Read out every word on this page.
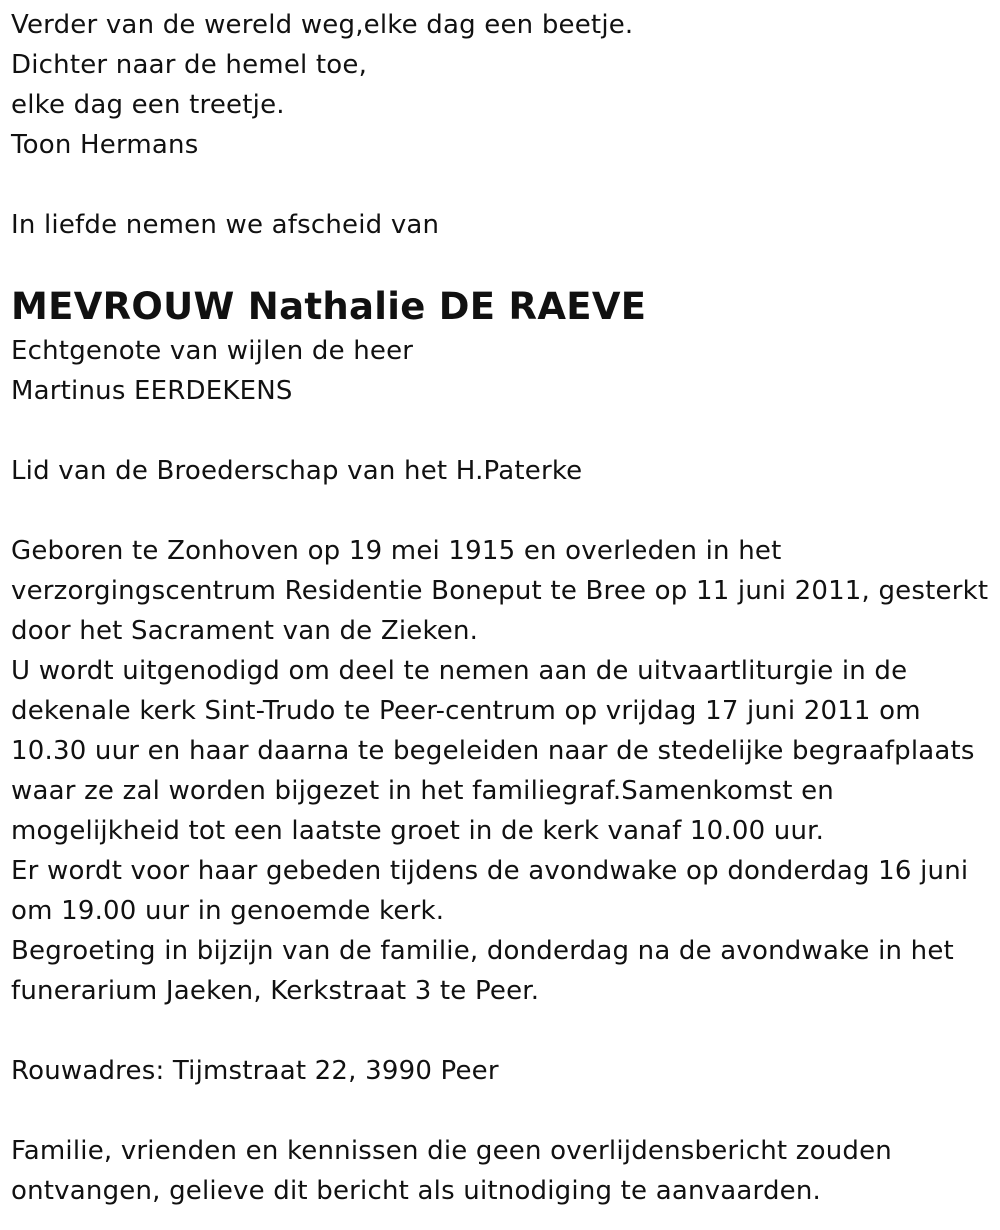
Verder van de wereld weg,elke dag een beetje.
Dichter naar de hemel toe,
elke dag een treetje.
Toon Hermans
In liefde nemen we afscheid van
MEVROUW Nathalie DE RAEVE
Echtgenote van wijlen de heer
Martinus EERDEKENS
Lid van de Broederschap van het H.Paterke
Geboren te Zonhoven op 19 mei 1915 en overleden in het
verzorgingscentrum Residentie Boneput te Bree op 11 juni 2011, gesterkt
door het Sacrament van de Zieken.
U wordt uitgenodigd om deel te nemen aan de uitvaartliturgie in de
dekenale kerk Sint-Trudo te Peer-centrum op vrijdag 17 juni 2011 om
10.30 uur en haar daarna te begeleiden naar de stedelijke begraafplaats
waar ze zal worden bijgezet in het familiegraf.Samenkomst en
mogelijkheid tot een laatste groet in de kerk vanaf 10.00 uur.
Er wordt voor haar gebeden tijdens de avondwake op donderdag 16 juni
om 19.00 uur in genoemde kerk.
Begroeting in bijzijn van de familie, donderdag na de avondwake in het
funerarium Jaeken, Kerkstraat 3 te Peer.
Rouwadres: Tijmstraat 22, 3990 Peer
Familie, vrienden en kennissen die geen overlijdensbericht zouden
ontvangen, gelieve dit bericht als uitnodiging te aanvaarden.
